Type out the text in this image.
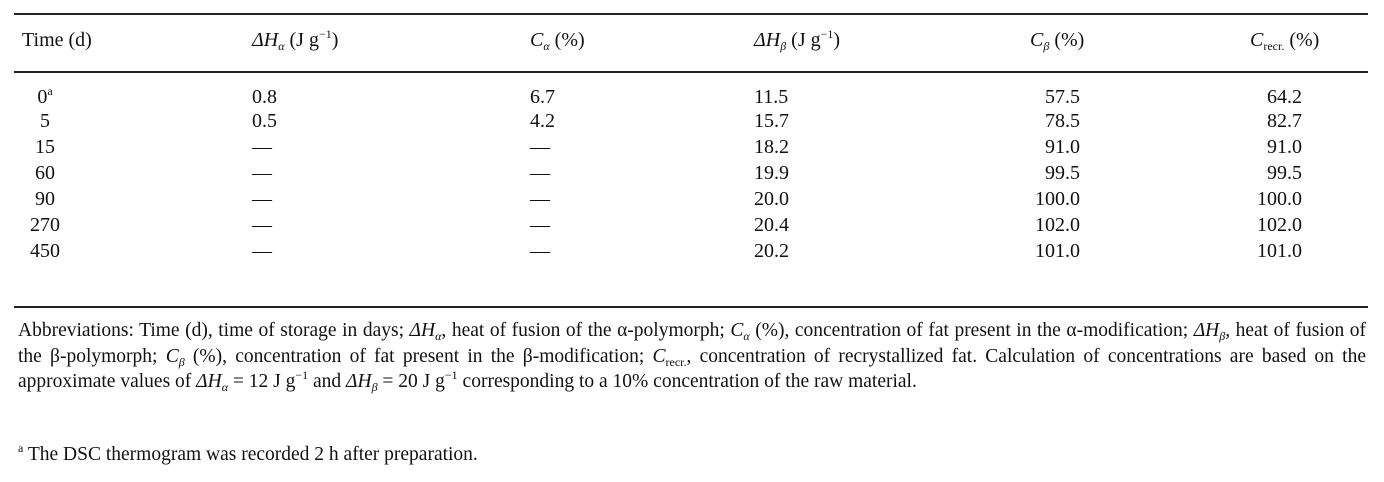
Time (d)	$\Delta H_\alpha$ (J $g^{-1}$)	$C_\alpha$ (%)	$\Delta H_\beta$ (J $g^{-1}$)	$C_\beta$ (%)	$C_{recr.}$ (%)
0$^a$	0.8	6.7	11.5	57.5	64.2
5	0.5	4.2	15.7	78.5	82.7
15	—	—	18.2	91.0	91.0
60	—	—	19.9	99.5	99.5
90	—	—	20.0	100.0	100.0
270	—	—	20.4	102.0	102.0
450	—	—	20.2	101.0	101.0
Abbreviations: Time (d), time of storage in days; $\Delta H_\alpha$, heat of fusion of the α-polymorph; $C_\alpha$ (%), concentration of fat present in the α-modification; $\Delta H_\beta$, heat of fusion of the β-polymorph; $C_\beta$ (%), concentration of fat present in the β-modification; $C_{recr.}$, concentration of recrystallized fat. Calculation of concentrations are based on the approximate values of $\Delta H_\alpha = 12$ J $g^{-1}$ and $\Delta H_\beta = 20$ J $g^{-1}$ corresponding to a 10% concentration of the raw material.
$^a$ The DSC thermogram was recorded 2 h after preparation.
